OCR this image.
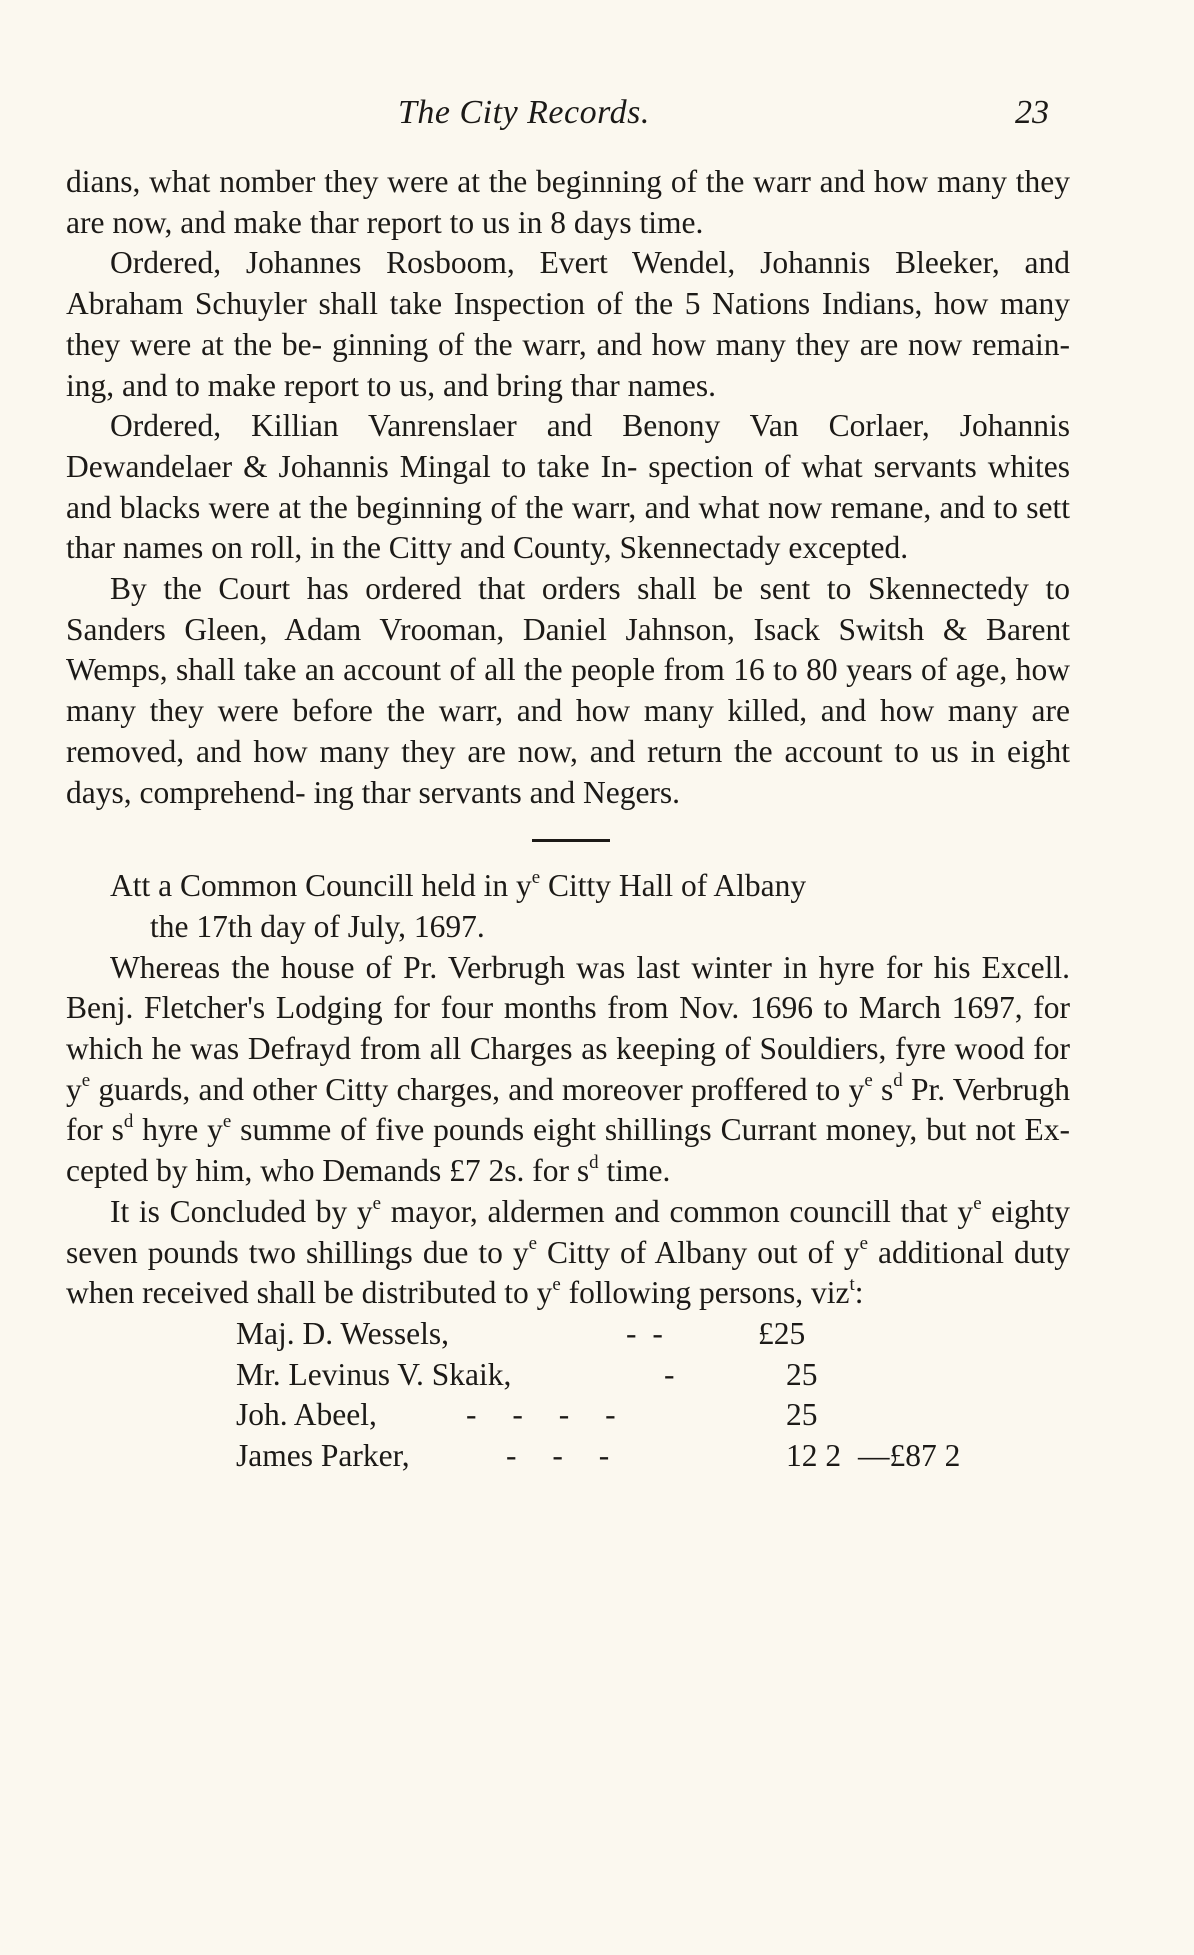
The City Records.	23

dians, what nomber they were at the beginning of the warr and how many they are now, and make thar report to us in 8 days time.

Ordered, Johannes Rosboom, Evert Wendel, Johannis Bleeker, and Abraham Schuyler shall take Inspection of the 5 Nations Indians, how many they were at the be- ginning of the warr, and how many they are now remain- ing, and to make report to us, and bring thar names.

Ordered, Killian Vanrenslaer and Benony Van Corlaer, Johannis Dewandelaer & Johannis Mingal to take In- spection of what servants whites and blacks were at the beginning of the warr, and what now remane, and to sett thar names on roll, in the Citty and County, Skennectady excepted.

By the Court has ordered that orders shall be sent to Skennectedy to Sanders Gleen, Adam Vrooman, Daniel Jahnson, Isack Switsh & Barent Wemps, shall take an account of all the people from 16 to 80 years of age, how many they were before the warr, and how many killed, and how many are removed, and how many they are now, and return the account to us in eight days, comprehend- ing thar servants and Negers.

Att a Common Councill held in $y^e$ Citty Hall of Albany
the 17th day of July, 1697.

Whereas the house of Pr. Verbrugh was last winter in hyre for his Excell. Benj. Fletcher's Lodging for four months from Nov. 1696 to March 1697, for which he was Defrayd from all Charges as keeping of Souldiers, fyre wood for $y^e$ guards, and other Citty charges, and moreover proffered to $y^e$ $s^d$ Pr. Verbrugh for $s^d$ hyre $y^e$ summe of five pounds eight shillings Currant money, but not Ex- cepted by him, who Demands £7 2s. for $s^d$ time.

It is Concluded by $y^e$ mayor, aldermen and common councill that $y^e$ eighty seven pounds two shillings due to $y^e$ Citty of Albany out of $y^e$ additional duty when received shall be distributed to $y^e$ following persons, viz$^t$:

Maj. D. Wessels,	- -	£25
Mr. Levinus V. Skaik,	-	25
Joh. Abeel,	- - - -	25
James Parker,	- - -	12 2 —£87 2
